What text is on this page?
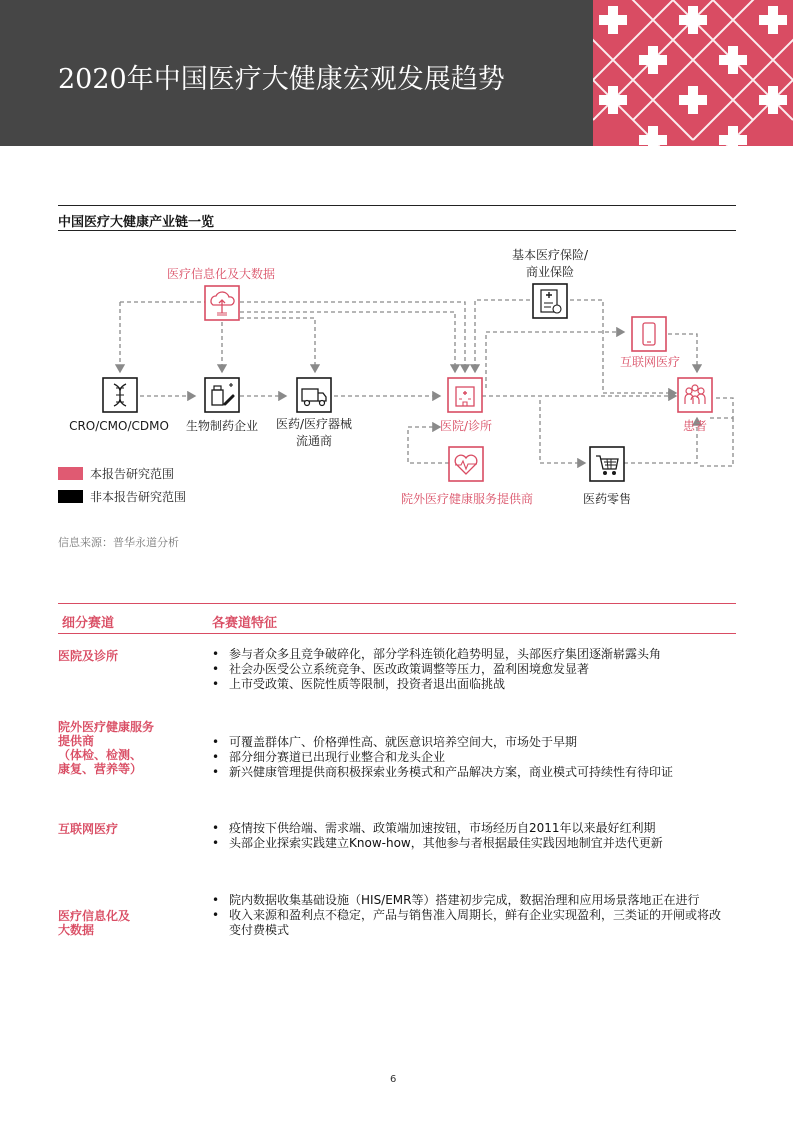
2020年中国医疗大健康宏观发展趋势
中国医疗大健康产业链一览
医疗信息化及大数据
基本医疗保险/
商业保险
互联网医疗
CRO/CMO/CDMO	生物制药企业	医药/医疗器械
流通商
医院/诊所	患者
院外医疗健康服务提供商	医药零售
本报告研究范围
非本报告研究范围
信息来源：普华永道分析
细分赛道	各赛道特征
医院及诊所	• 参与者众多且竞争破碎化，部分学科连锁化趋势明显，头部医疗集团逐渐崭露头角
• 社会办医受公立系统竞争、医改政策调整等压力，盈利困境愈发显著
• 上市受政策、医院性质等限制，投资者退出面临挑战
院外医疗健康服务
提供商
（体检、检测、
康复、营养等）
• 可覆盖群体广、价格弹性高、就医意识培养空间大，市场处于早期
• 部分细分赛道已出现行业整合和龙头企业
• 新兴健康管理提供商积极探索业务模式和产品解决方案，商业模式可持续性有待印证
互联网医疗	• 疫情按下供给端、需求端、政策端加速按钮，市场经历自2011年以来最好红利期
• 头部企业探索实践建立Know-how，其他参与者根据最佳实践因地制宜并迭代更新
医疗信息化及
大数据
• 院内数据收集基础设施（HIS/EMR等）搭建初步完成，数据治理和应用场景落地正在进行
• 收入来源和盈利点不稳定，产品与销售准入周期长，鲜有企业实现盈利，三类证的开闸或将改变付费模式
6
